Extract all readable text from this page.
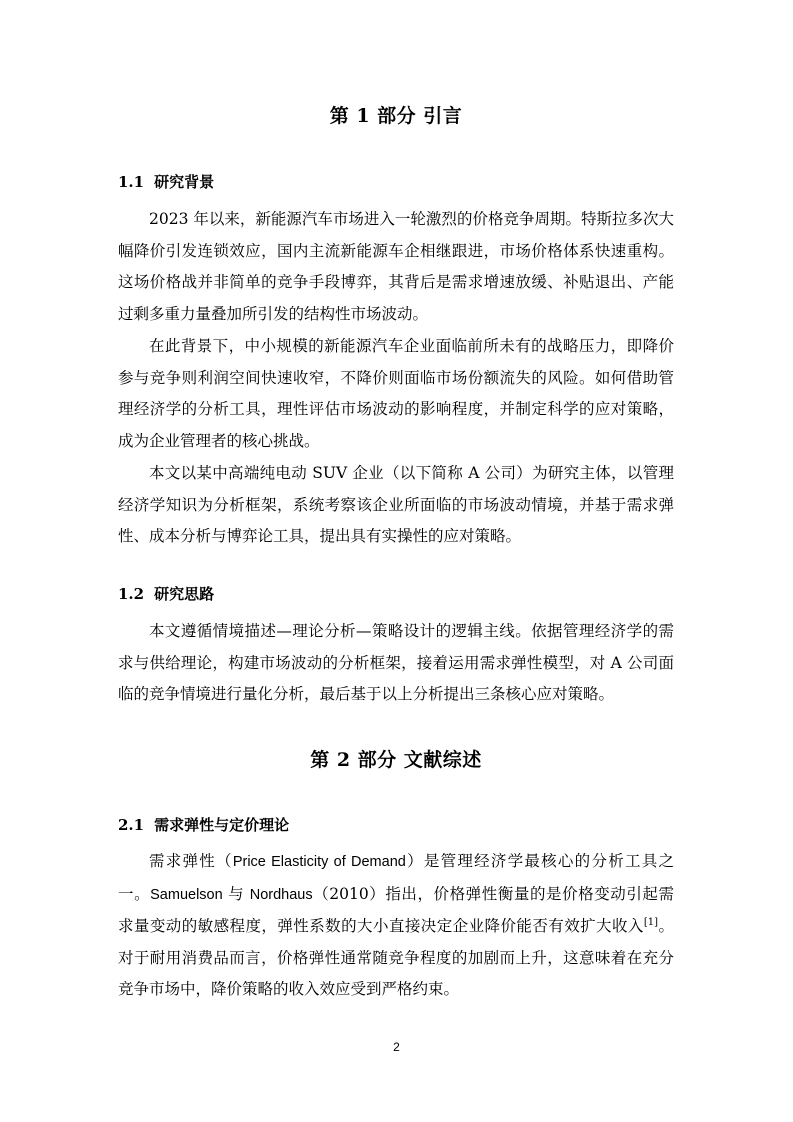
第 1 部分 引言
1.1 研究背景

2023 年以来，新能源汽车市场进入一轮激烈的价格竞争周期。特斯拉多次大幅降价引发连锁效应，国内主流新能源车企相继跟进，市场价格体系快速重构。这场价格战并非简单的竞争手段博弈，其背后是需求增速放缓、补贴退出、产能过剩多重力量叠加所引发的结构性市场波动。

在此背景下，中小规模的新能源汽车企业面临前所未有的战略压力，即降价参与竞争则利润空间快速收窄，不降价则面临市场份额流失的风险。如何借助管理经济学的分析工具，理性评估市场波动的影响程度，并制定科学的应对策略，成为企业管理者的核心挑战。

本文以某中高端纯电动 SUV 企业（以下简称 A 公司）为研究主体，以管理经济学知识为分析框架，系统考察该企业所面临的市场波动情境，并基于需求弹性、成本分析与博弈论工具，提出具有实操性的应对策略。

1.2 研究思路

本文遵循情境描述—理论分析—策略设计的逻辑主线。依据管理经济学的需求与供给理论，构建市场波动的分析框架，接着运用需求弹性模型，对 A 公司面临的竞争情境进行量化分析，最后基于以上分析提出三条核心应对策略。

第 2 部分 文献综述
2.1 需求弹性与定价理论

需求弹性（Price Elasticity of Demand）是管理经济学最核心的分析工具之一。Samuelson 与 Nordhaus（2010）指出，价格弹性衡量的是价格变动引起需求量变动的敏感程度，弹性系数的大小直接决定企业降价能否有效扩大收入[1]。对于耐用消费品而言，价格弹性通常随竞争程度的加剧而上升，这意味着在充分竞争市场中，降价策略的收入效应受到严格约束。

2
